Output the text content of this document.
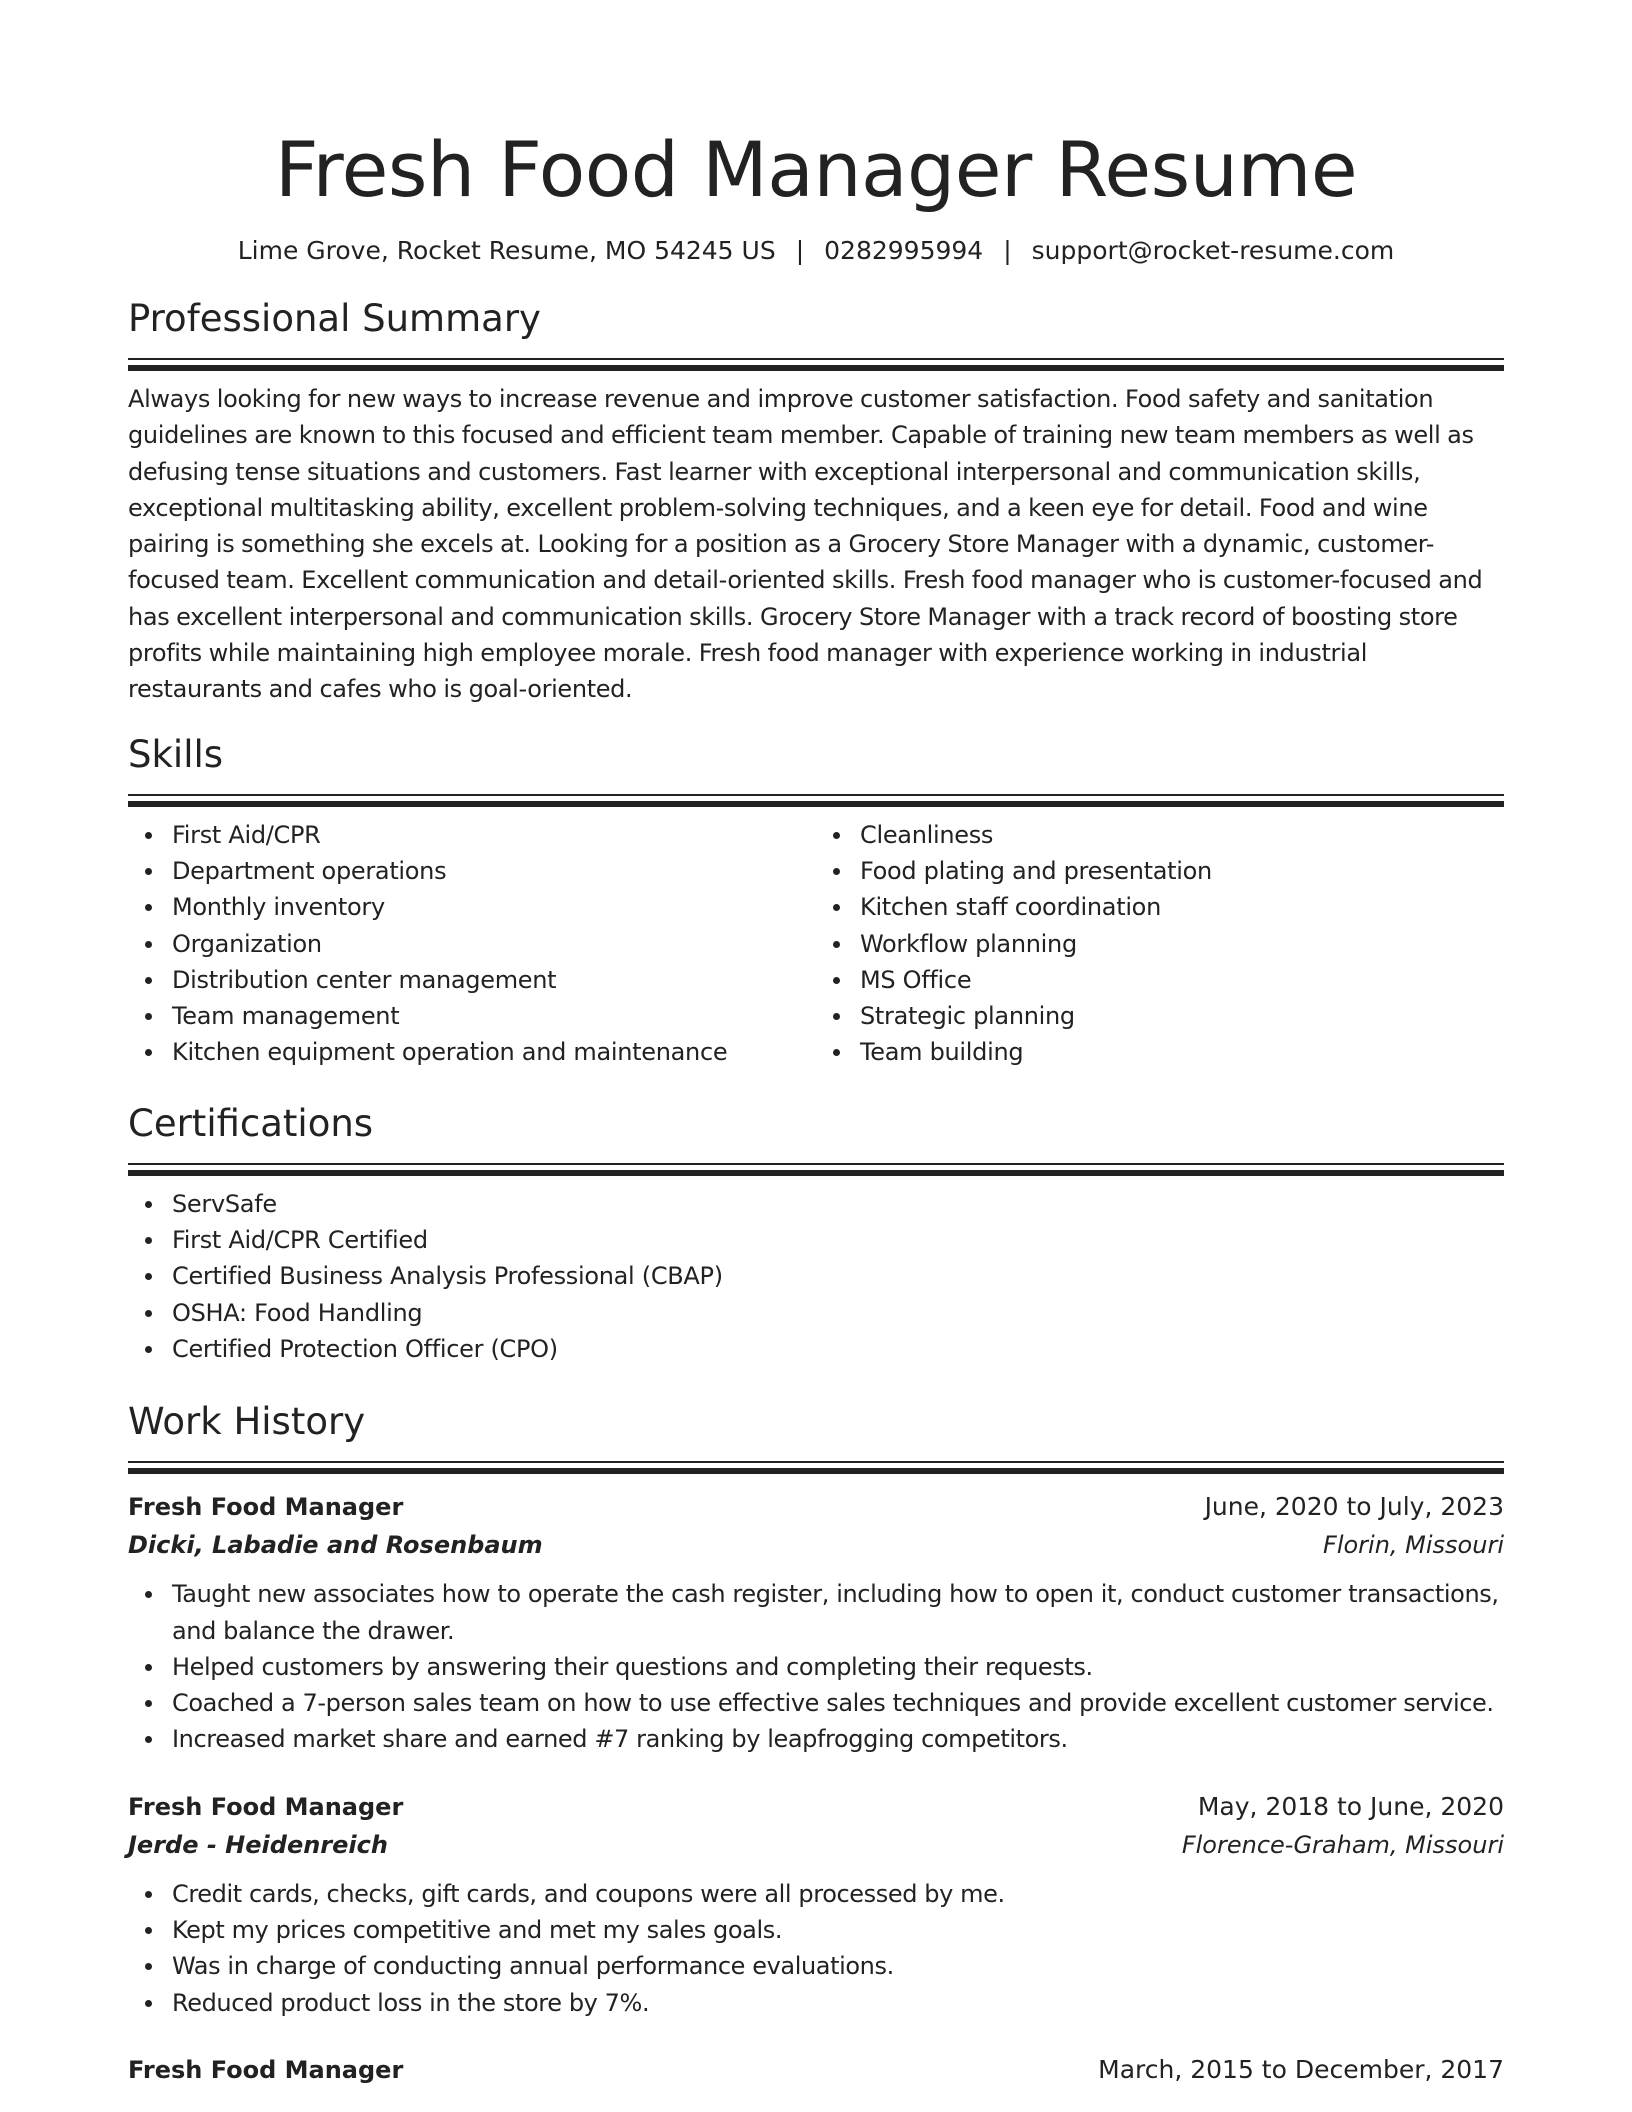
Fresh Food Manager Resume
Lime Grove, Rocket Resume, MO 54245 US | 0282995994 | support@rocket-resume.com
Professional Summary

Always looking for new ways to increase revenue and improve customer satisfaction. Food safety and sanitation guidelines are known to this focused and efficient team member. Capable of training new team members as well as defusing tense situations and customers. Fast learner with exceptional interpersonal and communication skills, exceptional multitasking ability, excellent problem-solving techniques, and a keen eye for detail. Food and wine pairing is something she excels at. Looking for a position as a Grocery Store Manager with a dynamic, customer-focused team. Excellent communication and detail-oriented skills. Fresh food manager who is customer-focused and has excellent interpersonal and communication skills. Grocery Store Manager with a track record of boosting store profits while maintaining high employee morale. Fresh food manager with experience working in industrial restaurants and cafes who is goal-oriented.

Skills
First Aid/CPR
Department operations
Monthly inventory
Organization
Distribution center management
Team management
Kitchen equipment operation and maintenance
Cleanliness
Food plating and presentation
Kitchen staff coordination
Workflow planning
MS Office
Strategic planning
Team building
Certifications
ServSafe
First Aid/CPR Certified
Certified Business Analysis Professional (CBAP)
OSHA: Food Handling
Certified Protection Officer (CPO)
Work History
Fresh Food Manager	June, 2020 to July, 2023
Dicki, Labadie and Rosenbaum	Florin, Missouri
Taught new associates how to operate the cash register, including how to open it, conduct customer transactions, and balance the drawer.
Helped customers by answering their questions and completing their requests.
Coached a 7-person sales team on how to use effective sales techniques and provide excellent customer service.
Increased market share and earned #7 ranking by leapfrogging competitors.
Fresh Food Manager	May, 2018 to June, 2020
Jerde - Heidenreich	Florence-Graham, Missouri
Credit cards, checks, gift cards, and coupons were all processed by me.
Kept my prices competitive and met my sales goals.
Was in charge of conducting annual performance evaluations.
Reduced product loss in the store by 7%.
Fresh Food Manager	March, 2015 to December, 2017
